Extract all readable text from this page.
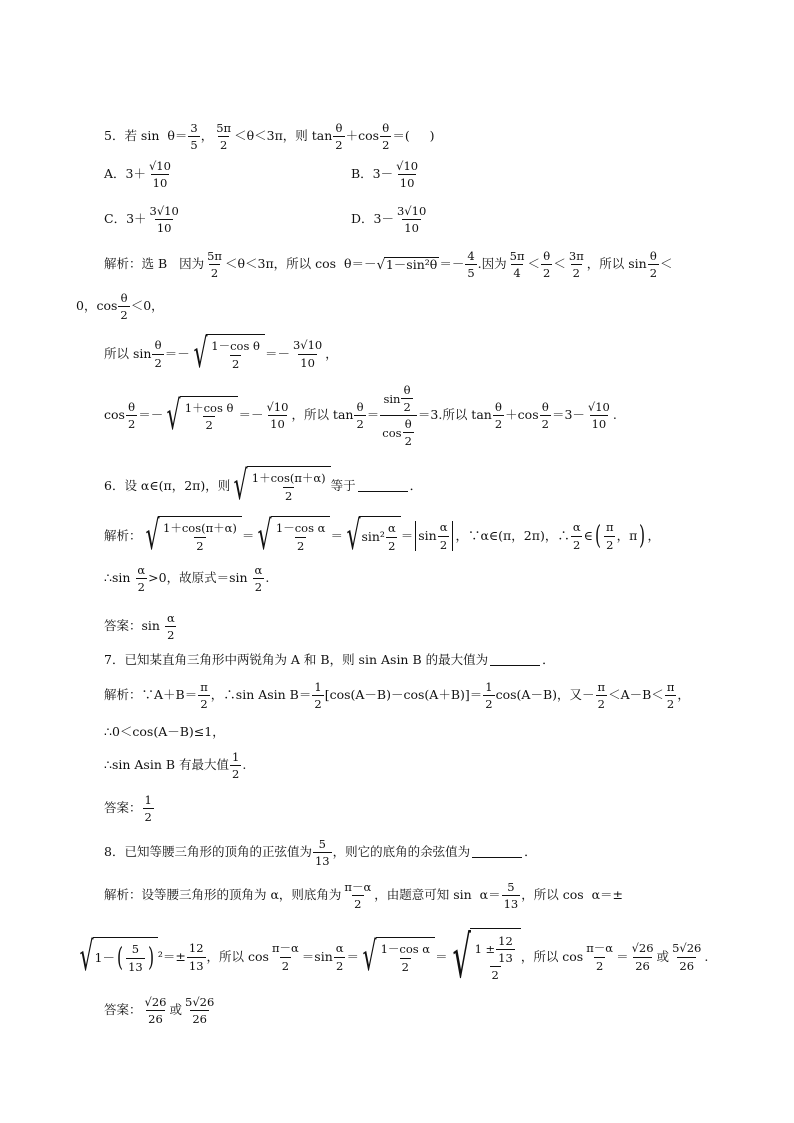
5．若 sin  θ＝
3
5
，
5π
2
＜θ＜3π，则 tan
θ
2
＋cos
θ
2
＝(     )
A．3＋
√10
10
B．3－
√10
10
C．3＋
3√10
10
D．3－
3√10
10
解析：选 B   因为
5π
2
＜θ＜3π，所以 cos  θ＝－ √ 1－sin²θ ＝－
4
5
.因为
5π
4
＜
θ
2
＜
3π
2
，所以 sin
θ
2
＜
0，cos
θ
2
＜0，
所以 sin
θ
2
＝－ √ 1－cos θ
2
＝－
3√10
10
，
cos
θ
2
＝－ √ 1＋cos θ
2
＝－
√10
10
，所以 tan
θ
2
＝
sin
θ
2
cos
θ
2
＝3.所以 tan
θ
2
＋cos
θ
2
＝3－
√10
10
.
6．设 α∈(π，2π)，则 √ 1＋cos(π＋α)
2
等于	．
解析： √ 1＋cos(π＋α)
2
＝ √ 1－cos α
2
＝ √ sin²
α
2
＝ sin
α
2
，∵α∈(π，2π)，∴
α
2
∈ ( π
2
，π ) ，
∴sin
α
2
>0，故原式＝sin
α
2
.
答案：sin
α
2
7．已知某直角三角形中两锐角为 A 和 B，则 sin Asin B 的最大值为	．
解析：∵A＋B＝
π
2
，∴sin Asin B＝
1
2
[cos(A－B)－cos(A＋B)]＝
1
2
cos(A－B)，又－
π
2
＜A－B＜
π
2
，
∴0＜cos(A－B)≤1，
∴sin Asin B 有最大值
1
2
.
答案：
1
2
8．已知等腰三角形的顶角的正弦值为
5
13
，则它的底角的余弦值为	．
解析：设等腰三角形的顶角为 α，则底角为
π－α
2
，由题意可知 sin  α＝
5
13
，所以 cos  α＝±
√ 1－ ( 5
13 ) $^2=\pm \frac{12}{13}$ ，所以 cos
π－α
2
＝sin
α
2
＝ √ 1－cos α
2
＝ √ $1 \pm \frac{12}{13}$
2
，所以 cos
π－α
2
＝
√26
26
或
5√26
26
.
答案：
√26
26
或
5√26
26
